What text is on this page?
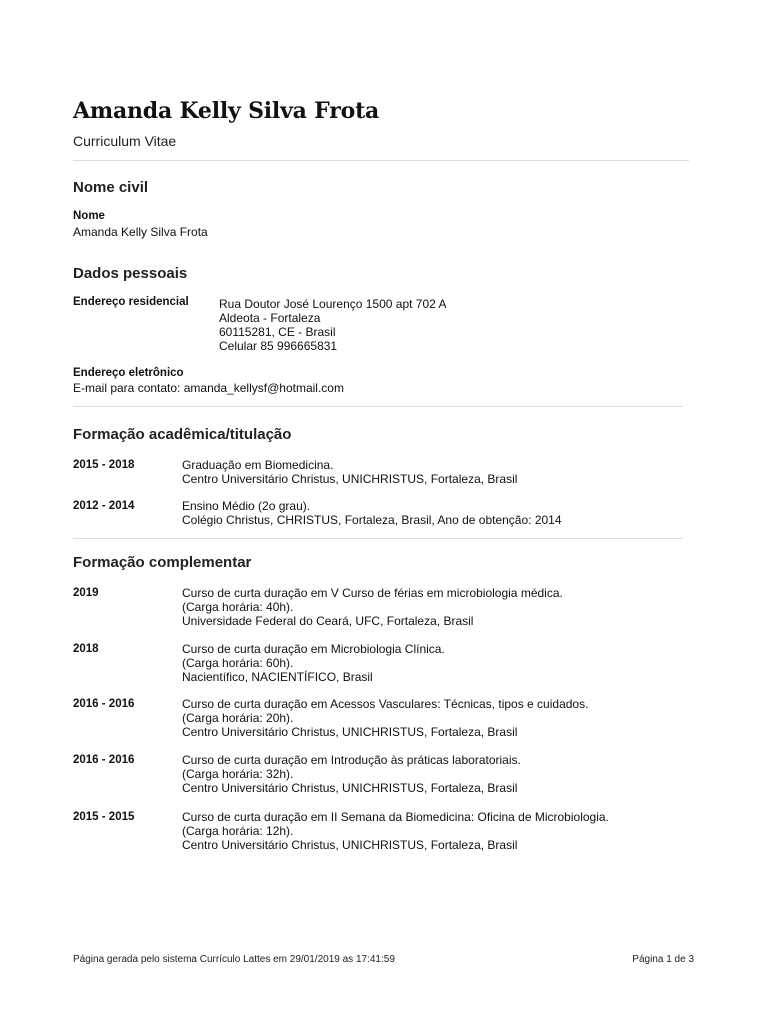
Amanda Kelly Silva Frota
Curriculum Vitae
Nome civil
Nome
Amanda Kelly Silva Frota
Dados pessoais
Endereço residencial	Rua Doutor José Lourenço 1500 apt 702 A
Aldeota - Fortaleza
60115281, CE - Brasil
Celular 85 996665831
Endereço eletrônico
E-mail para contato: amanda_kellysf@hotmail.com
Formação acadêmica/titulação
2015 - 2018	Graduação em Biomedicina.
Centro Universitário Christus, UNICHRISTUS, Fortaleza, Brasil
2012 - 2014	Ensino Médio (2o grau).
Colégio Christus, CHRISTUS, Fortaleza, Brasil, Ano de obtenção: 2014
Formação complementar
2019	Curso de curta duração em V Curso de férias em microbiologia médica.
(Carga horária: 40h).
Universidade Federal do Ceará, UFC, Fortaleza, Brasil
2018	Curso de curta duração em Microbiologia Clínica.
(Carga horária: 60h).
Nacientífico, NACIENTÍFICO, Brasil
2016 - 2016	Curso de curta duração em Acessos Vasculares: Técnicas, tipos e cuidados.
(Carga horária: 20h).
Centro Universitário Christus, UNICHRISTUS, Fortaleza, Brasil
2016 - 2016	Curso de curta duração em Introdução às práticas laboratoriais.
(Carga horária: 32h).
Centro Universitário Christus, UNICHRISTUS, Fortaleza, Brasil
2015 - 2015	Curso de curta duração em II Semana da Biomedicina: Oficina de Microbiologia.
(Carga horária: 12h).
Centro Universitário Christus, UNICHRISTUS, Fortaleza, Brasil
Página gerada pelo sistema Currículo Lattes em 29/01/2019 as 17:41:59	Página 1 de 3
